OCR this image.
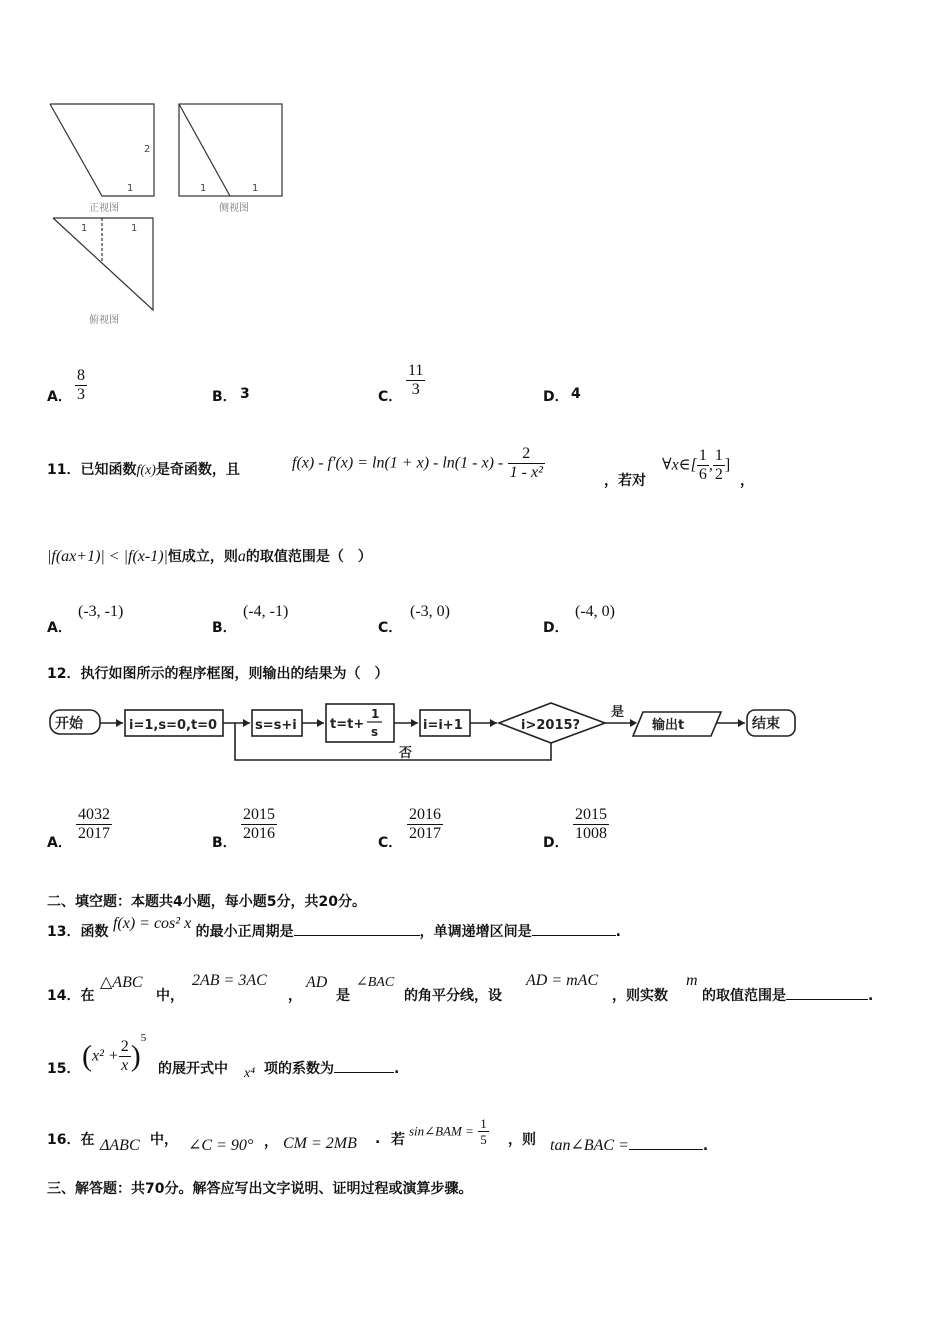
1
2
正视图
1	1
侧视图
1	1
俯视图
A． $\frac{8}{3}$	B． 3	C． $\frac{11}{3}$	D． 4
11．已知函数f(x)是奇函数，且	$f(x) - f'(x) = \ln(1 + x) - \ln(1 - x) - \frac{2}{\text{1 - x²}}$	，若对
∀x∈[ $\frac{1}{6}$ , $\frac{1}{2}$ ]
，
|f(ax+1)| < |f(x-1)|恒成立，则a的取值范围是（　）
A．
(-3, -1)
B．
(-4, -1)
C．
(-3, 0)
D．
(-4, 0)
12．执行如图所示的程序框图，则输出的结果为（　）
开始	i=1,s=0,t=0	s=s+i	t=t+
1
s	i=i+1	i>2015?
是
否
输出t	结束
A． $\frac{4032}{2017}$	B． $\frac{2015}{2016}$	C． $\frac{2016}{2017}$	D． $\frac{2015}{1008}$
二、填空题：本题共4小题，每小题5分，共20分。
13．函数 f(x) = cos² x 的最小正周期是	，单调递增区间是	.
14．在
△ABC
中，
2AB = 3AC
，
AD
是
∠BAC
的角平分线，设
AD = mAC
，则实数
m
的取值范围是	.
15． $(x^2 + \frac{2}{x} )^5$
的展开式中 x⁴ 项的系数为	.
16．在 ΔABC 中， ∠C = 90° ， CM = 2MB . 若
sin∠BAM = $\frac{1}{5}$ ，则 tan∠BAC =	.
三、解答题：共70分。解答应写出文字说明、证明过程或演算步骤。
